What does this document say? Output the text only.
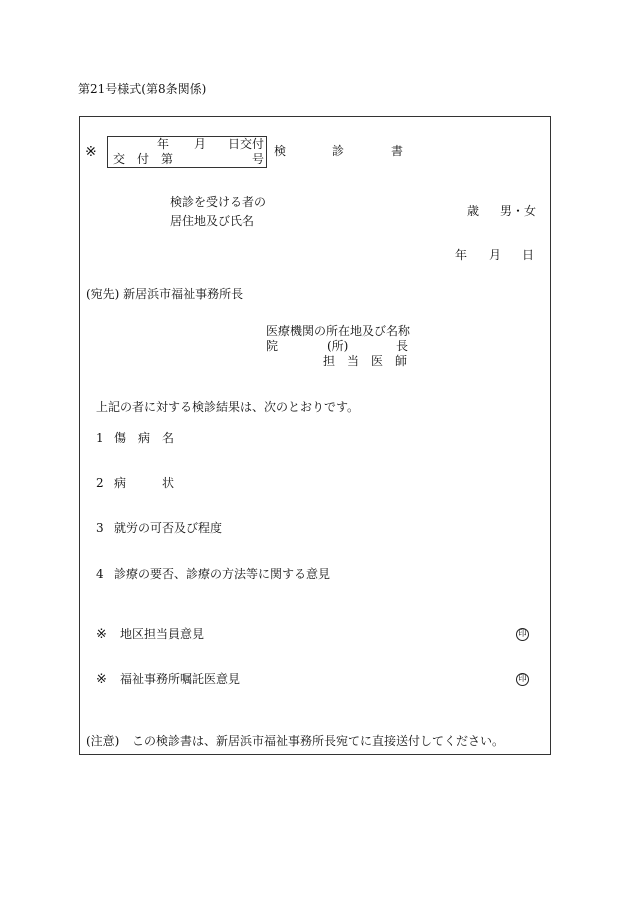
第21号様式(第8条関係)
※	年 月 日交付
交　付　第	号
検	診	書
検診を受ける者の
居住地及び氏名
歳 男・女
年 月 日
(宛先) 新居浜市福祉事務所長
医療機関の所在地及び名称
院	(所)	長
担　当　医　師
上記の者に対する検診結果は、次のとおりです。
1 傷　病　名
2 病　　　状
3 就労の可否及び程度
4 診療の要否、診療の方法等に関する意見
※ 地区担当員意見	印
※ 福祉事務所嘱託医意見	印
(注意) この検診書は、新居浜市福祉事務所長宛てに直接送付してください。
